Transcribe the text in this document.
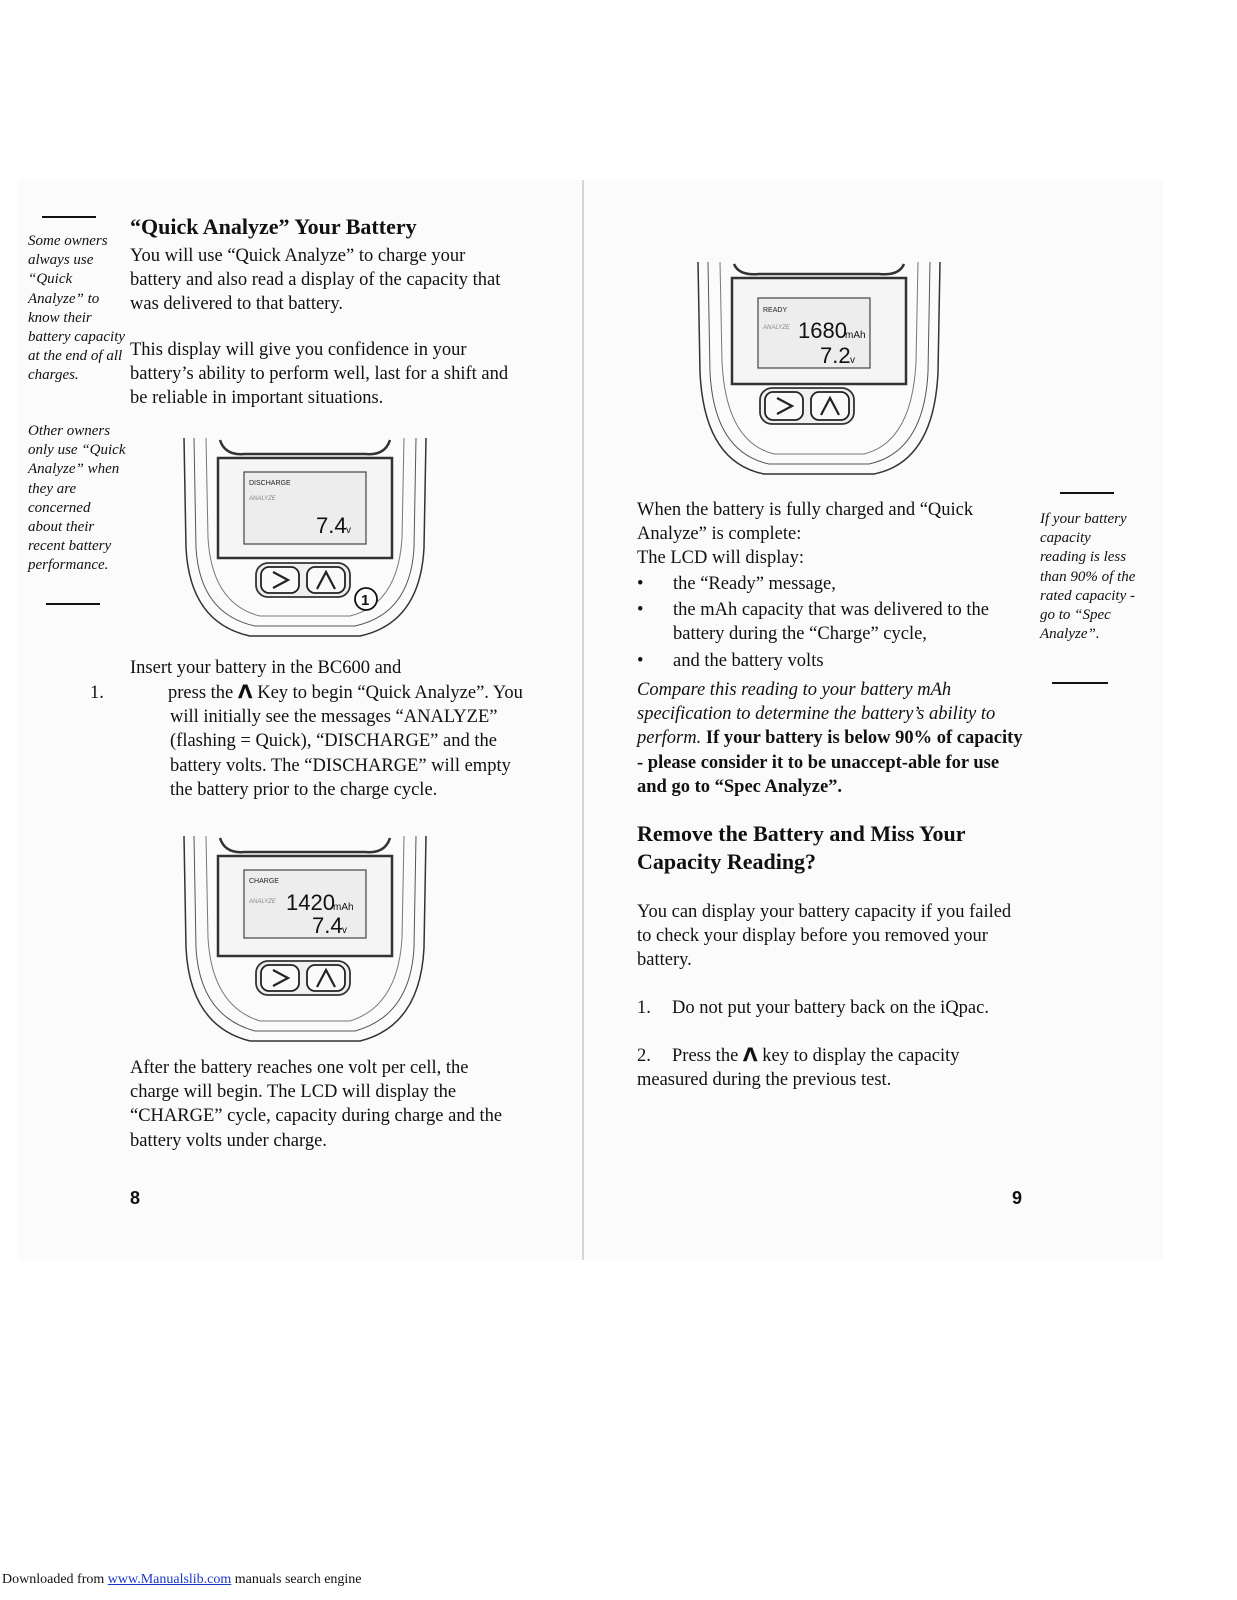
Some owners always use “Quick Analyze” to know their battery capacity at the end of all charges.
Other owners only use “Quick Analyze” when they are concerned about their recent battery performance.
“Quick Analyze” Your Battery
You will use “Quick Analyze” to charge your battery and also read a display of the capacity that was delivered to that battery.
This display will give you confidence in your battery’s ability to perform well, last for a shift and be reliable in important situations.
DISCHARGE
ANALYZE
7.4 v
1
Insert your battery in the BC600 and
1.	press the Λ Key to begin “Quick Analyze”. You will initially see the messages “ANALYZE” (flashing = Quick), “DISCHARGE” and the battery volts. The “DISCHARGE” will empty the battery prior to the charge cycle.
CHARGE
ANALYZE 1420
mAh
7.4 v
After the battery reaches one volt per cell, the charge will begin. The LCD will display the “CHARGE” cycle, capacity during charge and the battery volts under charge.
8
READY
ANALYZE 1680
mAh
7.2 v
When the battery is fully charged and “Quick Analyze” is complete:
The LCD will display:
• the “Ready” message,
• the mAh capacity that was delivered to the battery during the “Charge” cycle,
• and the battery volts
Compare this reading to your battery mAh specification to determine the battery’s ability to perform. If your battery is below 90% of capacity - please consider it to be unaccept-able for use and go to “Spec Analyze”.
Remove the Battery and Miss Your Capacity Reading?
You can display your battery capacity if you failed to check your display before you removed your battery.
1. Do not put your battery back on the iQpac.
2. Press the Λ key to display the capacity measured during the previous test.
If your battery capacity reading is less than 90% of the rated capacity - go to “Spec Analyze”.
9
Downloaded from www.Manualslib.com manuals search engine
